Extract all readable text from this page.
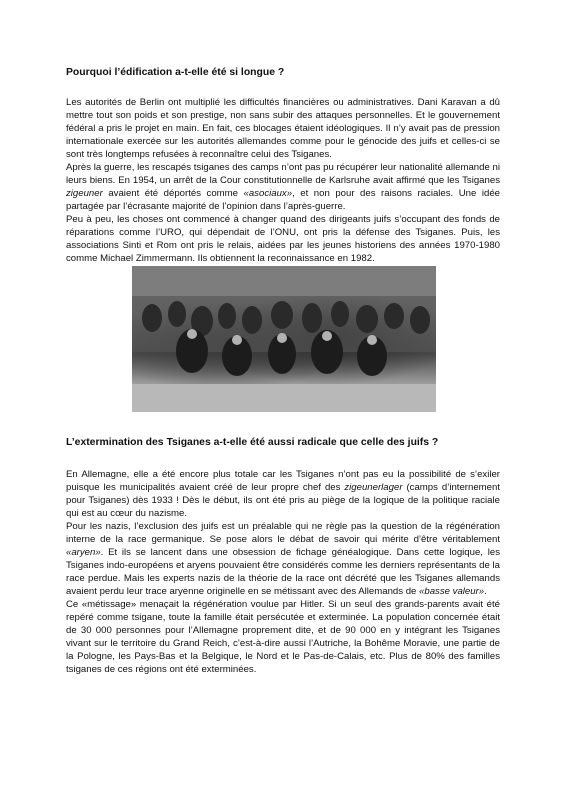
Pourquoi l’édification a-t-elle été si longue ?

Les autorités de Berlin ont multiplié les difficultés financières ou administratives. Dani Karavan a dû mettre tout son poids et son prestige, non sans subir des attaques personnelles. Et le gouvernement fédéral a pris le projet en main. En fait, ces blocages étaient idéologiques. Il n’y avait pas de pression internationale exercée sur les autorités allemandes comme pour le génocide des juifs et celles-ci se sont très longtemps refusées à reconnaître celui des Tsiganes.

Après la guerre, les rescapés tsiganes des camps n’ont pas pu récupérer leur nationalité allemande ni leurs biens. En 1954, un arrêt de la Cour constitutionnelle de Karlsruhe avait affirmé que les Tsiganes zigeuner avaient été déportés comme «asociaux», et non pour des raisons raciales. Une idée partagée par l’écrasante majorité de l’opinion dans l’après-guerre.

Peu à peu, les choses ont commencé à changer quand des dirigeants juifs s’occupant des fonds de réparations comme l’URO, qui dépendait de l’ONU, ont pris la défense des Tsiganes. Puis, les associations Sinti et Rom ont pris le relais, aidées par les jeunes historiens des années 1970-1980 comme Michael Zimmermann. Ils obtiennent la reconnaissance en 1982.

L’extermination des Tsiganes a-t-elle été aussi radicale que celle des juifs ?

En Allemagne, elle a été encore plus totale car les Tsiganes n’ont pas eu la possibilité de s’exiler puisque les municipalités avaient créé de leur propre chef des zigeunerlager (camps d’internement pour Tsiganes) dès 1933 ! Dès le début, ils ont été pris au piège de la logique de la politique raciale qui est au cœur du nazisme.

Pour les nazis, l’exclusion des juifs est un préalable qui ne règle pas la question de la régénération interne de la race germanique. Se pose alors le débat de savoir qui mérite d’être véritablement «aryen». Et ils se lancent dans une obsession de fichage généalogique. Dans cette logique, les Tsiganes indo-européens et aryens pouvaient être considérés comme les derniers représentants de la race perdue. Mais les experts nazis de la théorie de la race ont décrété que les Tsiganes allemands avaient perdu leur trace aryenne originelle en se métissant avec des Allemands de «basse valeur».

Ce «métissage» menaçait la régénération voulue par Hitler. Si un seul des grands-parents avait été repéré comme tsigane, toute la famille était persécutée et exterminée. La population concernée était de 30 000 personnes pour l’Allemagne proprement dite, et de 90 000 en y intégrant les Tsiganes vivant sur le territoire du Grand Reich, c’est-à-dire aussi l’Autriche, la Bohême Moravie, une partie de la Pologne, les Pays-Bas et la Belgique, le Nord et le Pas-de-Calais, etc. Plus de 80% des familles tsiganes de ces régions ont été exterminées.
